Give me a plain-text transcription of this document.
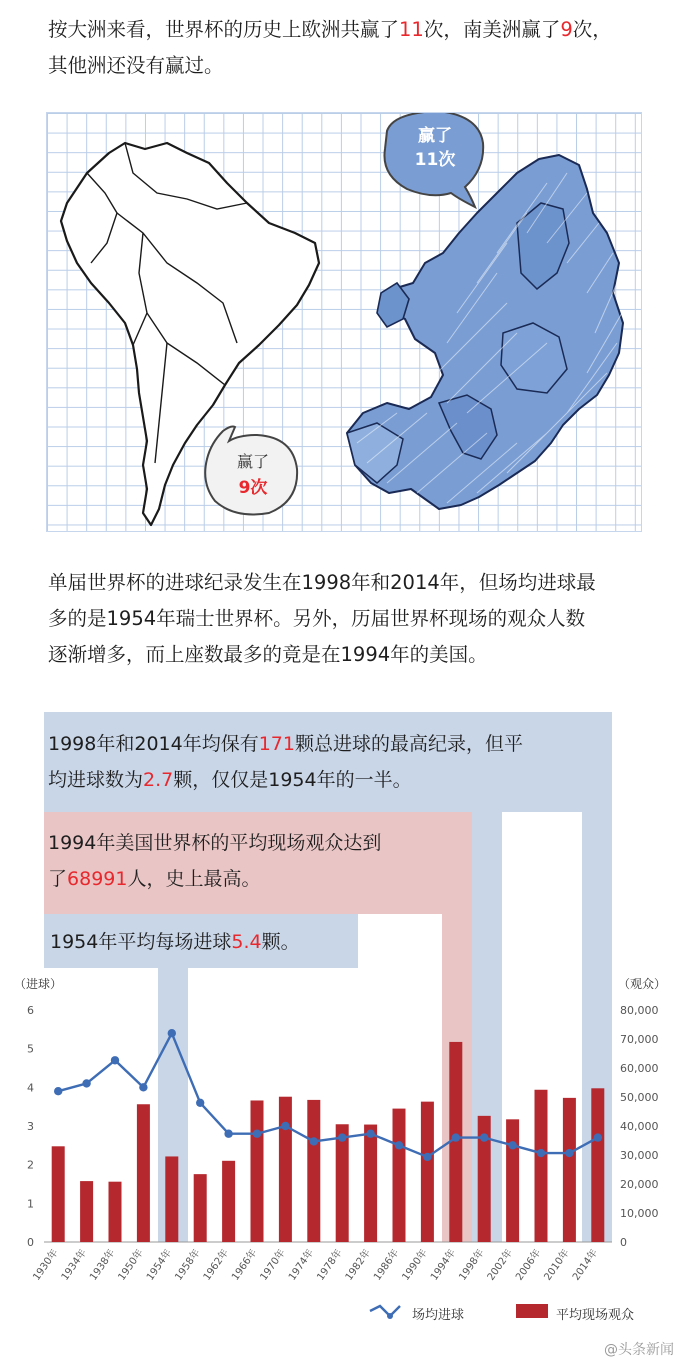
按大洲来看，世界杯的历史上欧洲共赢了11次，南美洲赢了9次，
其他洲还没有赢过。
赢了
11次
赢了
9次
单届世界杯的进球纪录发生在1998年和2014年，但场均进球最
多的是1954年瑞士世界杯。另外，历届世界杯现场的观众人数
逐渐增多，而上座数最多的竟是在1994年的美国。
1998年和2014年均保有171颗总进球的最高纪录，但平
均进球数为2.7颗，仅仅是1954年的一半。
1994年美国世界杯的平均现场观众达到
了68991人，史上最高。
1954年平均每场进球5.4颗。
（进球）	（观众）
0
1
2
3
4
5
6
0
10,000
20,000
30,000
40,000
50,000
60,000
70,000
80,000
1930年 1934年 1938年 1950年 1954年 1958年 1962年 1966年 1970年 1974年 1978年 1982年 1986年 1990年 1994年 1998年 2002年 2006年 2010年 2014年
场均进球	平均现场观众
@头条新闻
